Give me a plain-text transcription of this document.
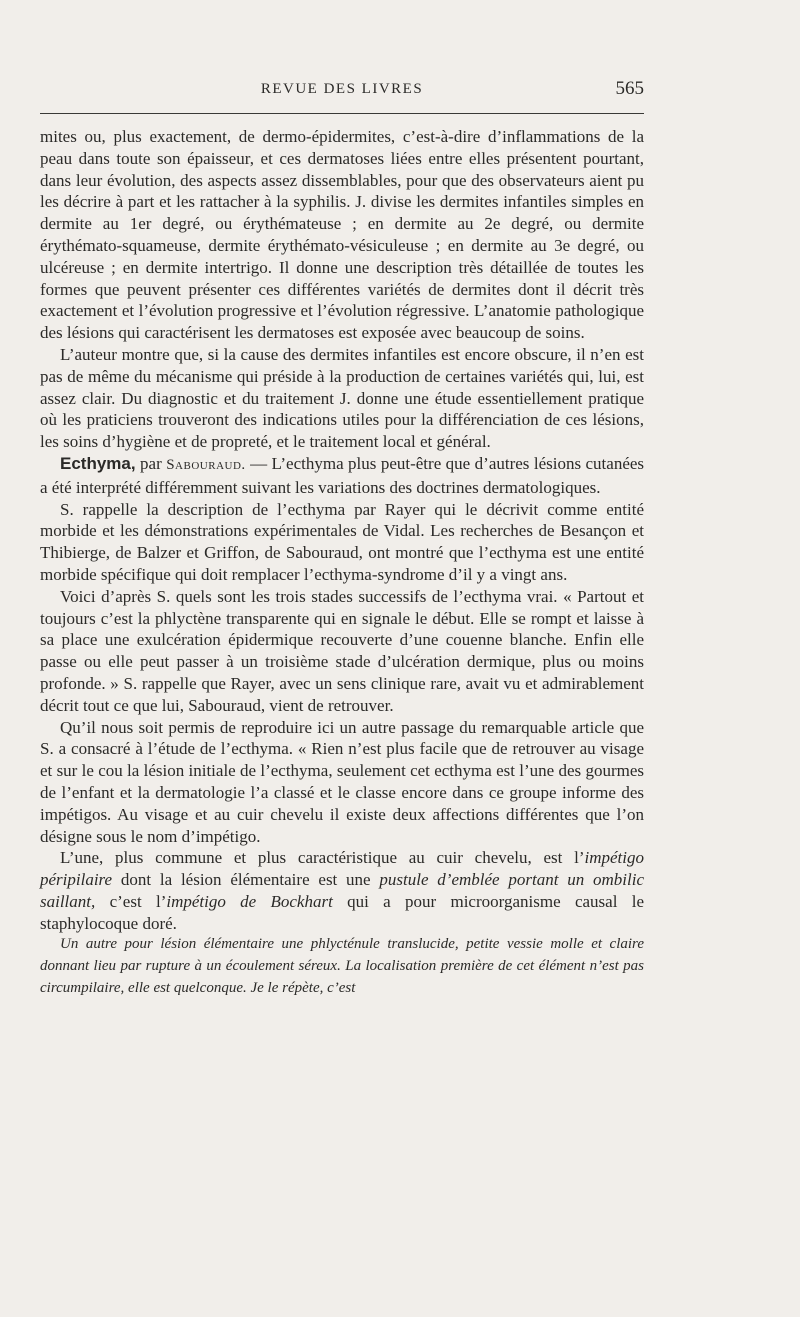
REVUE DES LIVRES	565

mites ou, plus exactement, de dermo-épidermites, c’est-à-dire d’inflammations de la peau dans toute son épaisseur, et ces dermatoses liées entre elles présentent pourtant, dans leur évolution, des aspects assez dissemblables, pour que des observateurs aient pu les décrire à part et les rattacher à la syphilis. J. divise les dermites infantiles simples en dermite au 1er degré, ou érythémateuse ; en dermite au 2e degré, ou dermite érythémato-squameuse, dermite érythémato-vésiculeuse ; en dermite au 3e degré, ou ulcéreuse ; en dermite intertrigo. Il donne une description très détaillée de toutes les formes que peuvent présenter ces différentes variétés de dermites dont il décrit très exactement et l’évolution progressive et l’évolution régressive. L’anatomie pathologique des lésions qui caractérisent les dermatoses est exposée avec beaucoup de soins.

L’auteur montre que, si la cause des dermites infantiles est encore obscure, il n’en est pas de même du mécanisme qui préside à la production de certaines variétés qui, lui, est assez clair. Du diagnostic et du traitement J. donne une étude essentiellement pratique où les praticiens trouveront des indications utiles pour la différenciation de ces lésions, les soins d’hygiène et de propreté, et le traitement local et général.

Ecthyma, par Sabouraud. — L’ecthyma plus peut-être que d’autres lésions cutanées a été interprété différemment suivant les variations des doctrines dermatologiques.

S. rappelle la description de l’ecthyma par Rayer qui le décrivit comme entité morbide et les démonstrations expérimentales de Vidal. Les recherches de Besançon et Thibierge, de Balzer et Griffon, de Sabouraud, ont montré que l’ecthyma est une entité morbide spécifique qui doit remplacer l’ecthyma-syndrome d’il y a vingt ans.

Voici d’après S. quels sont les trois stades successifs de l’ecthyma vrai. « Partout et toujours c’est la phlyctène transparente qui en signale le début. Elle se rompt et laisse à sa place une exulcération épidermique recouverte d’une couenne blanche. Enfin elle passe ou elle peut passer à un troisième stade d’ulcération dermique, plus ou moins profonde. » S. rappelle que Rayer, avec un sens clinique rare, avait vu et admirablement décrit tout ce que lui, Sabouraud, vient de retrouver.

Qu’il nous soit permis de reproduire ici un autre passage du remarquable article que S. a consacré à l’étude de l’ecthyma. « Rien n’est plus facile que de retrouver au visage et sur le cou la lésion initiale de l’ecthyma, seulement cet ecthyma est l’une des gourmes de l’enfant et la dermatologie l’a classé et le classe encore dans ce groupe informe des impétigos. Au visage et au cuir chevelu il existe deux affections différentes que l’on désigne sous le nom d’impétigo.

L’une, plus commune et plus caractéristique au cuir chevelu, est l’impétigo péripilaire dont la lésion élémentaire est une pustule d’emblée portant un ombilic saillant, c’est l’impétigo de Bockhart qui a pour microorganisme causal le staphylocoque doré.

Un autre pour lésion élémentaire une phlycténule translucide, petite vessie molle et claire donnant lieu par rupture à un écoulement séreux. La localisation première de cet élément n’est pas circumpilaire, elle est quelconque. Je le répète, c’est
